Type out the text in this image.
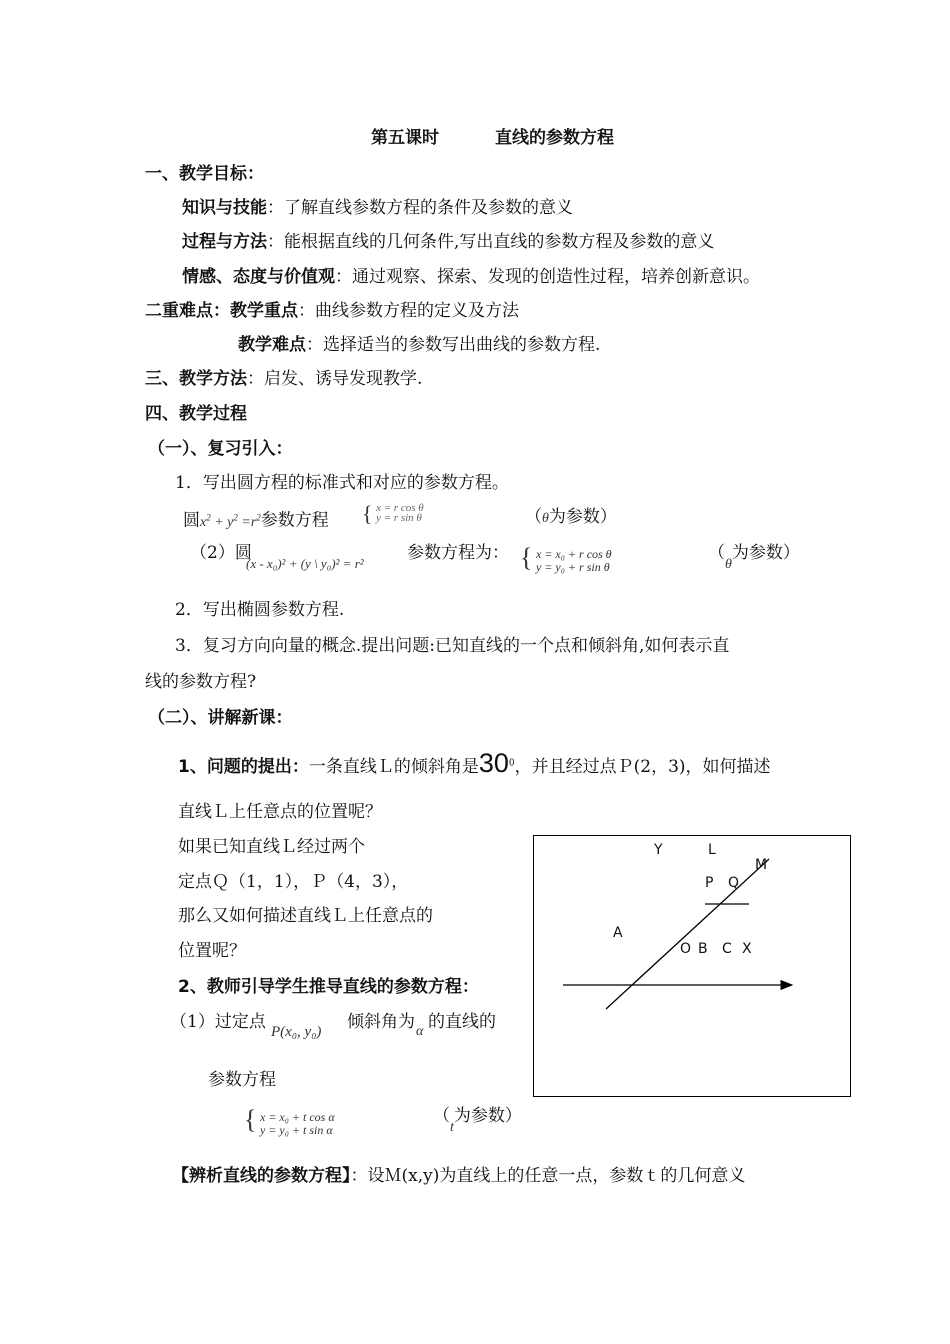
第五课时	直线的参数方程
一、教学目标：
知识与技能：了解直线参数方程的条件及参数的意义
过程与方法：能根据直线的几何条件,写出直线的参数方程及参数的意义
情感、态度与价值观：通过观察、探索、发现的创造性过程，培养创新意识。
二重难点：教学重点：曲线参数方程的定义及方法
教学难点：选择适当的参数写出曲线的参数方程.
三、教学方法：启发、诱导发现教学.
四、教学过程
（一）、复习引入：
1．写出圆方程的标准式和对应的参数方程。
圆$x^2 + y^2 =r^2$参数方程 { x = r cos θ
y = r sin θ	（θ为参数）
（2）圆
(x - x₀)² + (y \ y₀)² = r²
参数方程为： { x = x₀ + r cos θ
y = y₀ + r sin θ
（$_\theta$为参数）
2．写出椭圆参数方程.
3．复习方向向量的概念.提出问题:已知直线的一个点和倾斜角,如何表示直
线的参数方程?
（二）、讲解新课：
1、问题的提出：一条直线Ｌ的倾斜角是$30^0$，并且经过点Ｐ(2，3)，如何描述
直线Ｌ上任意点的位置呢？
如果已知直线Ｌ经过两个
定点Ｑ（1，1），Ｐ（4，3），
那么又如何描述直线Ｌ上任意点的
位置呢？
2、教师引导学生推导直线的参数方程：
（1）过定点 P(x₀, y₀) 倾斜角为 α 的直线的
参数方程
{ x = x₀ + t cos α
y = y₀ + t sin α
（$_t$为参数）
【辨析直线的参数方程】：设Ｍ(x,y)为直线上的任意一点，参数ｔ的几何意义
Y	L
M
P Q
A
O B C X
